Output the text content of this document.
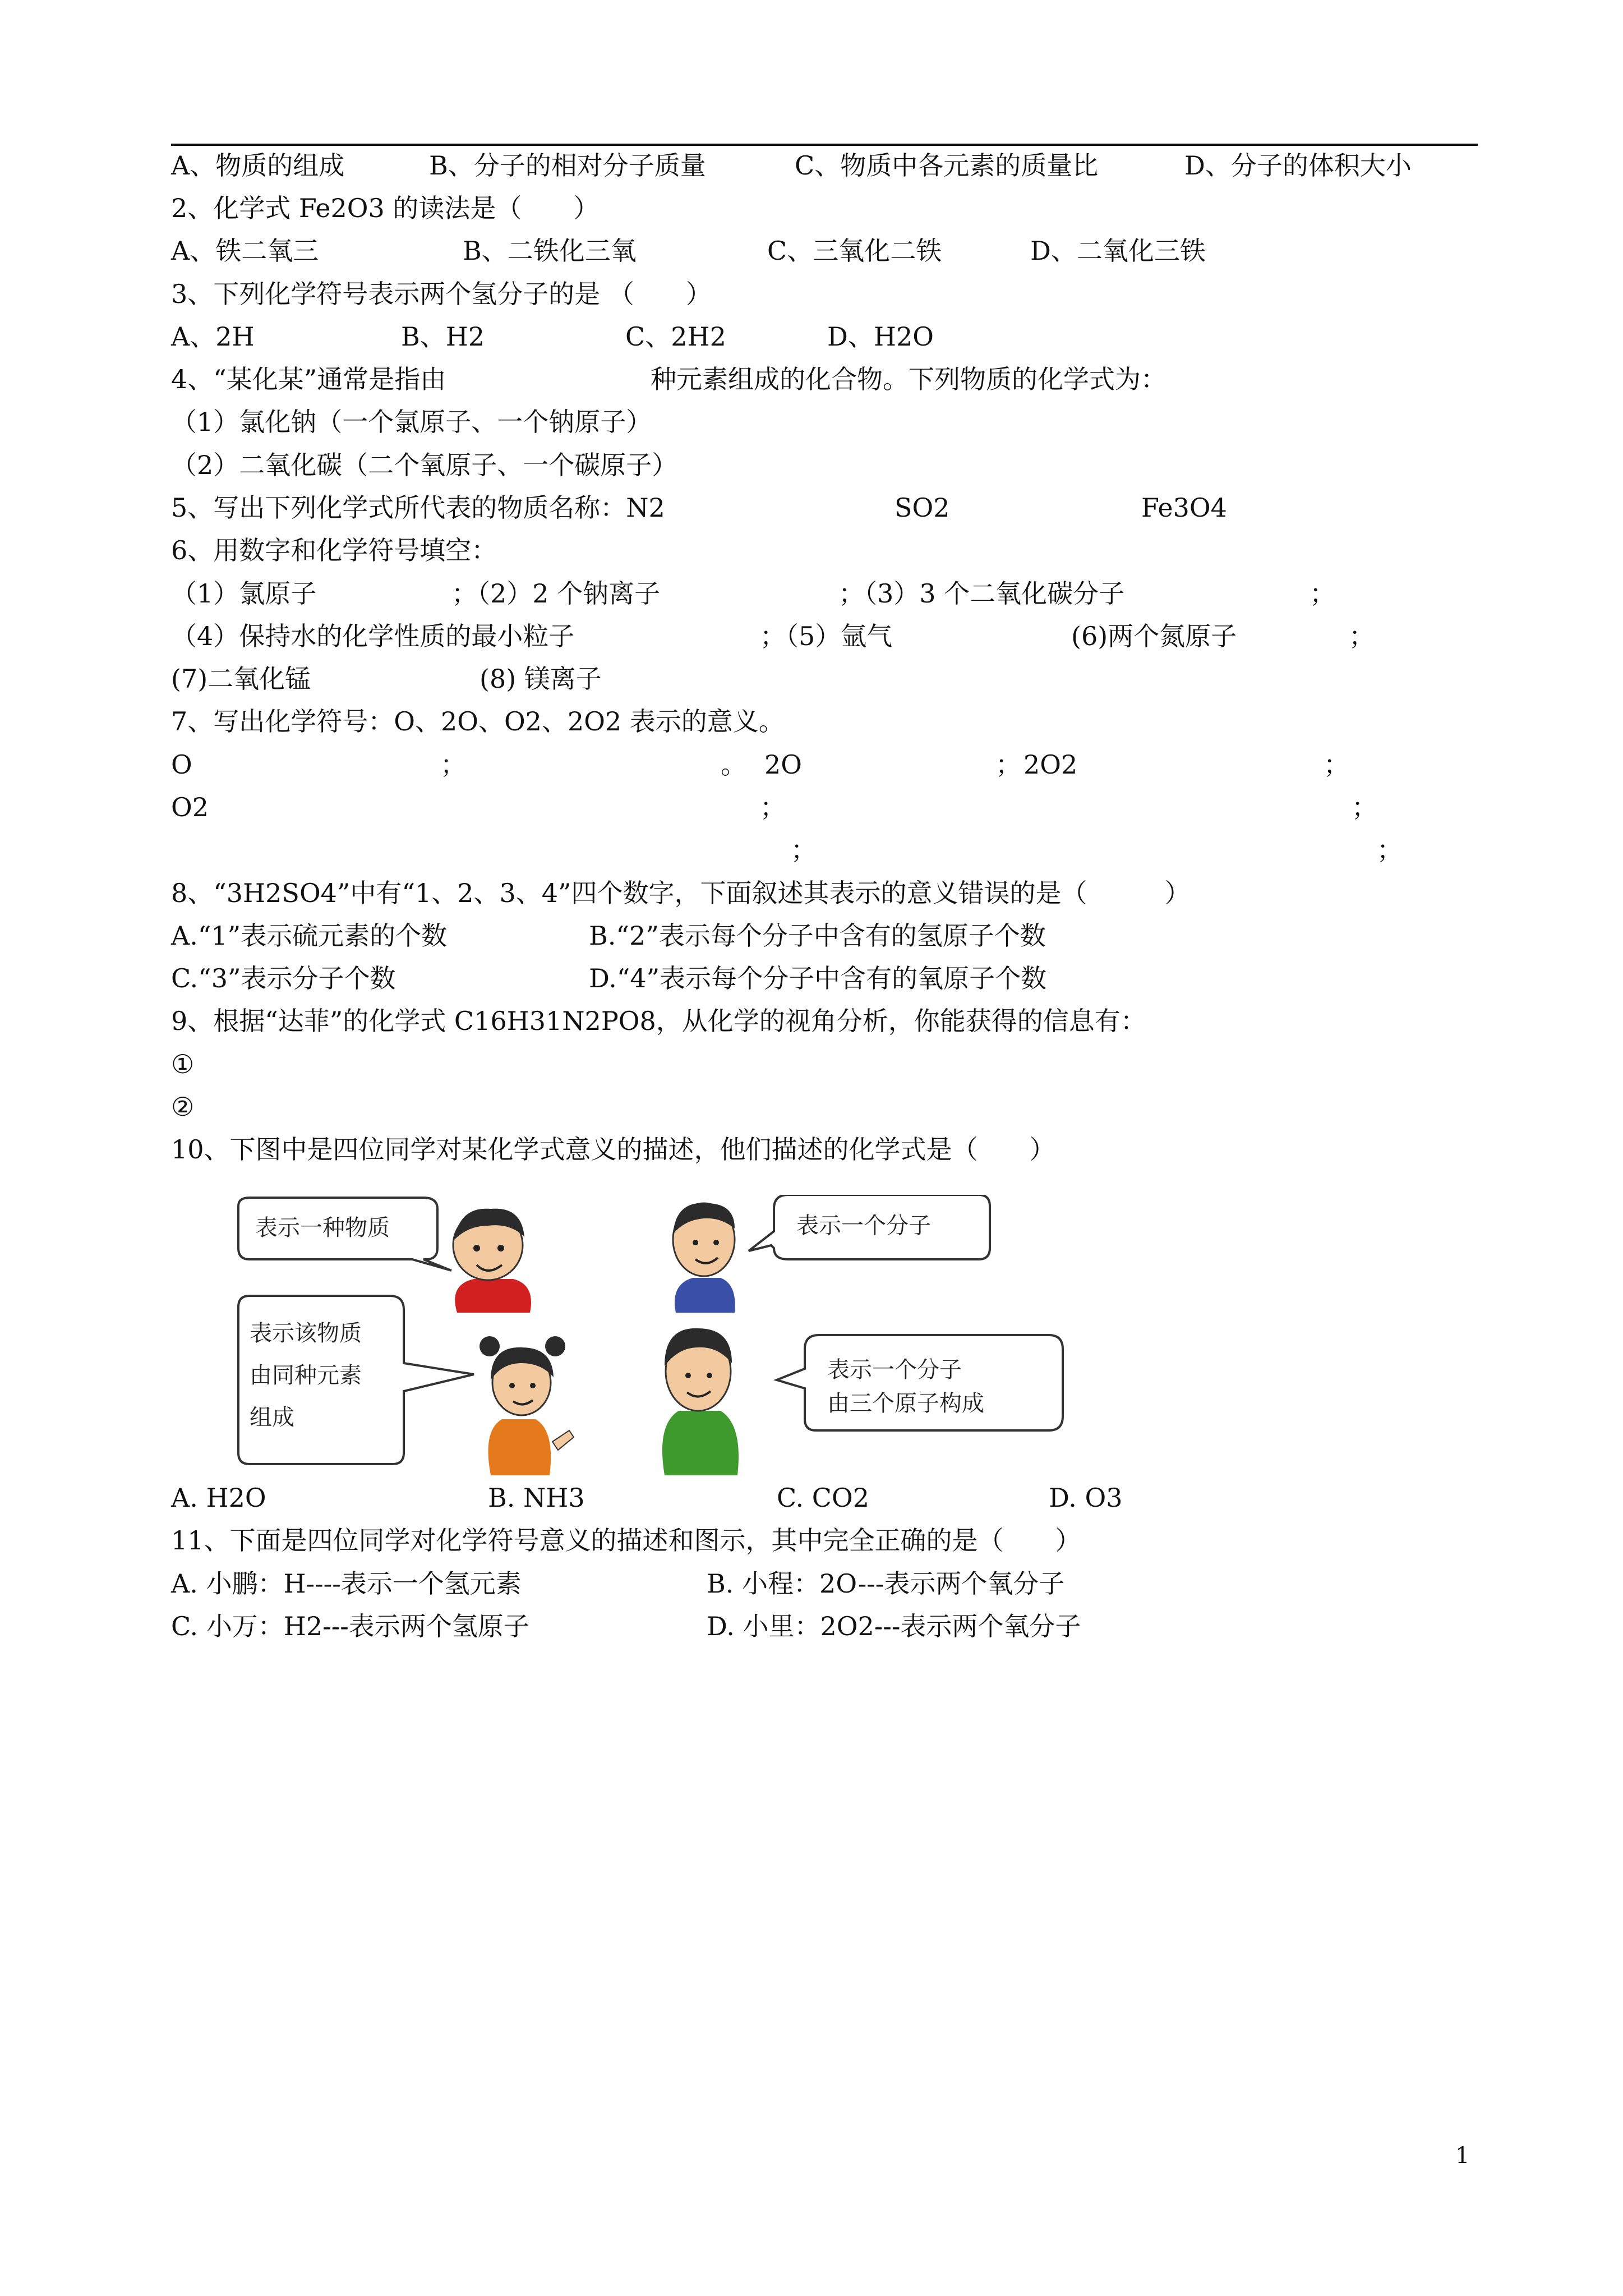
A、物质的组成

	B、分子的相对分子质量

	C、物质中各元素的质量比

	D、分子的体积大小

2、化学式 Fe2O3 的读法是（　　）

A、铁二氧三

	B、二铁化三氧

	C、三氧化二铁

	D、二氧化三铁

3、下列化学符号表示两个氢分子的是 （　　）

A、2H

	B、H2

	C、2H2

	D、H2O

4、“某化某”通常是指由

	种元素组成的化合物。下列物质的化学式为：

（1）氯化钠（一个氯原子、一个钠原子）
（2）二氧化碳（二个氧原子、一个碳原子）

5、写出下列化学式所代表的物质名称：N2

	SO2

	Fe3O4

6、用数字和化学符号填空：

（1）氯原子

	；（2）2 个钠离子

	；（3）3 个二氧化碳分子

	；

（4）保持水的化学性质的最小粒子

	；（5）氩气

	(6)两个氮原子

	；

(7)二氧化锰

	(8) 镁离子

7、写出化学符号：O、2O、O2、2O2 表示的意义。

O

	；

	。

2O

	；

2O2

	；

O2

	；

	；

；

	；

8、“3H2SO4”中有“1、2、3、4”四个数字，下面叙述其表示的意义错误的是（　　　）

A.“1”表示硫元素的个数

	B.“2”表示每个分子中含有的氢原子个数

C.“3”表示分子个数

	D.“4”表示每个分子中含有的氧原子个数

9、根据“达菲”的化学式 C16H31N2PO8，从化学的视角分析，你能获得的信息有：
①
②
10、下图中是四位同学对某化学式意义的描述，他们描述的化学式是（　　）
表示一种物质	表示一个分子
表示该物质
由同种元素
组成
表示一个分子
由三个原子构成

A. H2O

	B. NH3

	C. CO2

	D. O3

11、下面是四位同学对化学符号意义的描述和图示，其中完全正确的是（　　）

A. 小鹏：H----表示一个氢元素

	B. 小程：2O---表示两个氧分子

C. 小万：H2---表示两个氢原子

	D. 小里：2O2---表示两个氧分子

1
